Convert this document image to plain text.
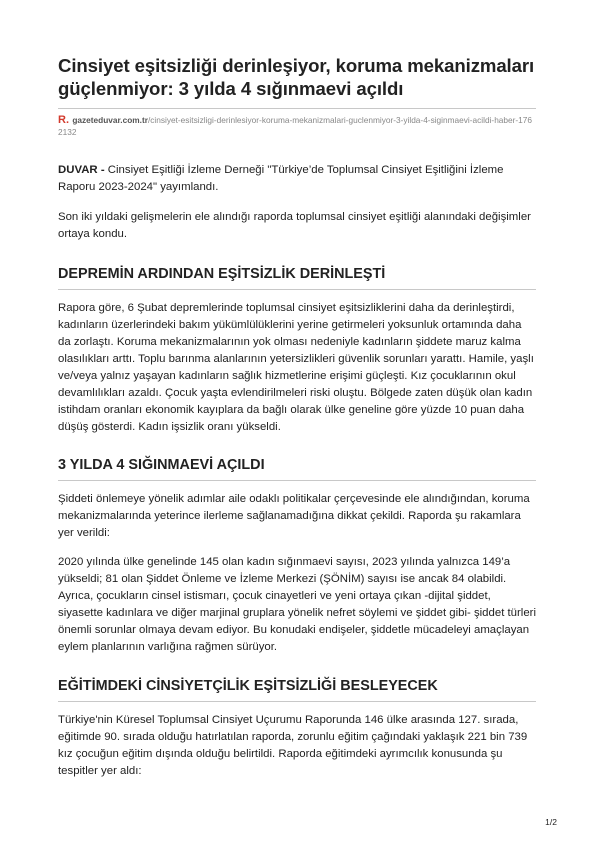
Cinsiyet eşitsizliği derinleşiyor, koruma mekanizmaları güçlenmiyor: 3 yılda 4 sığınmaevi açıldı
R. gazeteduvar.com.tr/cinsiyet-esitsizligi-derinlesiyor-koruma-mekanizmalari-guclenmiyor-3-yilda-4-siginmaevi-acildi-haber-1762132

DUVAR - Cinsiyet Eşitliği İzleme Derneği "Türkiye’de Toplumsal Cinsiyet Eşitliğini İzleme Raporu 2023-2024" yayımlandı.

Son iki yıldaki gelişmelerin ele alındığı raporda toplumsal cinsiyet eşitliği alanındaki değişimler ortaya kondu.

DEPREMİN ARDINDAN EŞİTSİZLİK DERİNLEŞTİ

Rapora göre, 6 Şubat depremlerinde toplumsal cinsiyet eşitsizliklerini daha da derinleştirdi, kadınların üzerlerindeki bakım yükümlülüklerini yerine getirmeleri yoksunluk ortamında daha da zorlaştı. Koruma mekanizmalarının yok olması nedeniyle kadınların şiddete maruz kalma olasılıkları arttı. Toplu barınma alanlarının yetersizlikleri güvenlik sorunları yarattı. Hamile, yaşlı ve/veya yalnız yaşayan kadınların sağlık hizmetlerine erişimi güçleşti. Kız çocuklarının okul devamlılıkları azaldı. Çocuk yaşta evlendirilmeleri riski oluştu. Bölgede zaten düşük olan kadın istihdam oranları ekonomik kayıplara da bağlı olarak ülke geneline göre yüzde 10 puan daha düşüş gösterdi. Kadın işsizlik oranı yükseldi.

3 YILDA 4 SIĞINMAEVİ AÇILDI

Şiddeti önlemeye yönelik adımlar aile odaklı politikalar çerçevesinde ele alındığından, koruma mekanizmalarında yeterince ilerleme sağlanamadığına dikkat çekildi. Raporda şu rakamlara yer verildi:

2020 yılında ülke genelinde 145 olan kadın sığınmaevi sayısı, 2023 yılında yalnızca 149’a yükseldi; 81 olan Şiddet Önleme ve İzleme Merkezi (ŞÖNİM) sayısı ise ancak 84 olabildi. Ayrıca, çocukların cinsel istismarı, çocuk cinayetleri ve yeni ortaya çıkan -dijital şiddet, siyasette kadınlara ve diğer marjinal gruplara yönelik nefret söylemi ve şiddet gibi- şiddet türleri önemli sorunlar olmaya devam ediyor. Bu konudaki endişeler, şiddetle mücadeleyi amaçlayan eylem planlarının varlığına rağmen sürüyor.

EĞİTİMDEKİ CİNSİYETÇİLİK EŞİTSİZLİĞİ BESLEYECEK

Türkiye'nin Küresel Toplumsal Cinsiyet Uçurumu Raporunda 146 ülke arasında 127. sırada, eğitimde 90. sırada olduğu hatırlatılan raporda, zorunlu eğitim çağındaki yaklaşık 221 bin 739 kız çocuğun eğitim dışında olduğu belirtildi. Raporda eğitimdeki ayrımcılık konusunda şu tespitler yer aldı:

1/2
